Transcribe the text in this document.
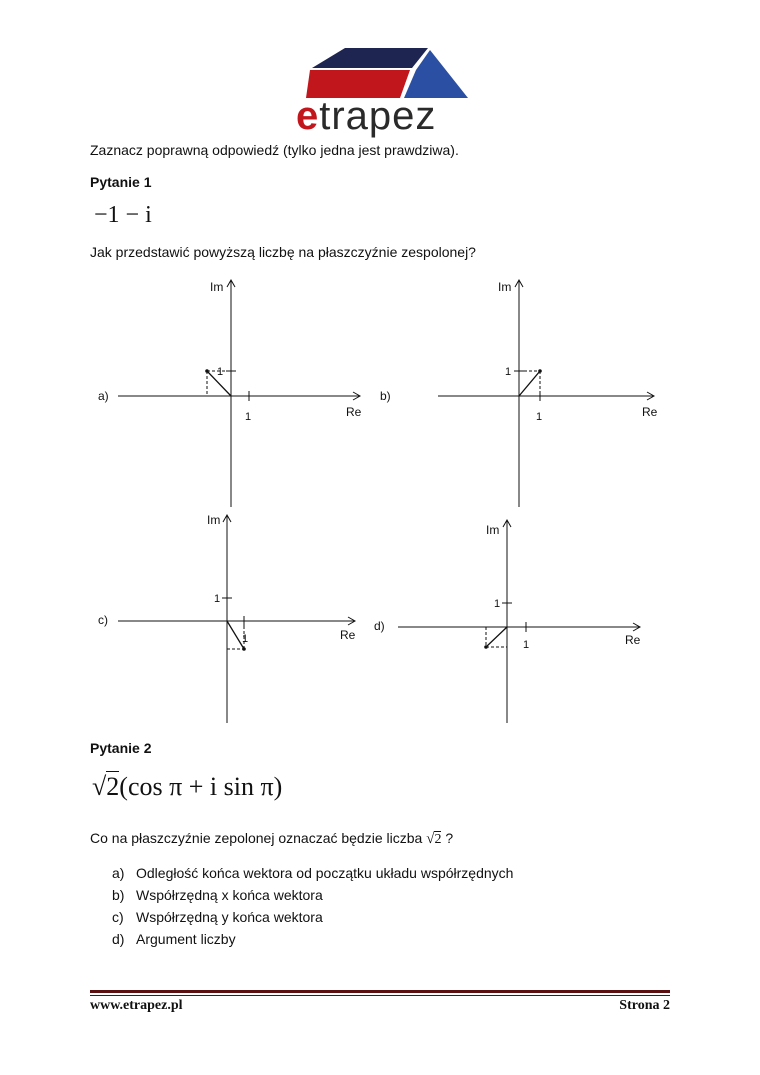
etrapez
Zaznacz poprawną odpowiedź (tylko jedna jest prawdziwa).
Pytanie 1
−1 − i
Jak przedstawić powyższą liczbę na płaszczyźnie zespolonej?
a)
Im
Re
1
1
b)
Im
Re
1
1
c)
Im
Re
1
1
d)
Im
Re
1
1
Pytanie 2
√2(cos π + i sin π)
Co na płaszczyźnie zepolonej oznaczać będzie liczba √2 ?
a) Odległość końca wektora od początku układu współrzędnych
b) Współrzędną x końca wektora
c) Współrzędną y końca wektora
d) Argument liczby
www.etrapez.pl	Strona 2
